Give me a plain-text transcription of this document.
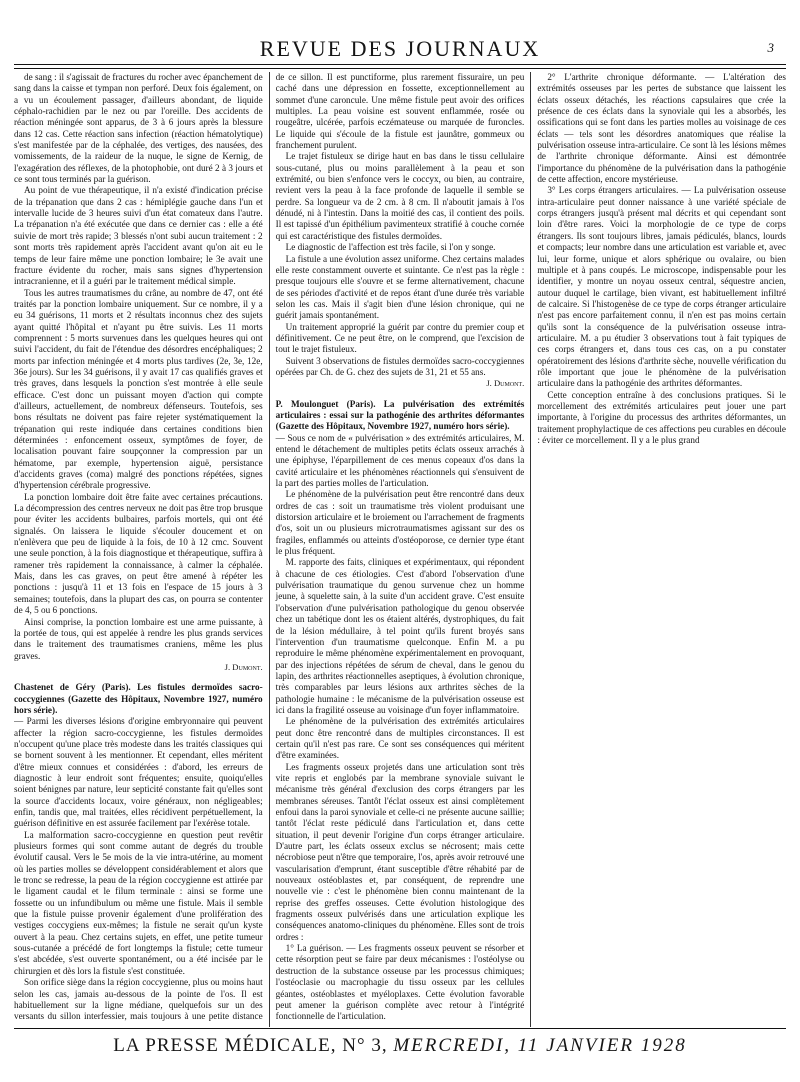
REVUE DES JOURNAUX	3

de sang : il s'agissait de fractures du rocher avec épanchement de sang dans la caisse et tympan non perforé. Deux fois également, on a vu un écoulement passager, d'ailleurs abondant, de liquide céphalo-rachidien par le nez ou par l'oreille. Des accidents de réaction méningée sont apparus, de 3 à 6 jours après la blessure dans 12 cas. Cette réaction sans infection (réaction hématolytique) s'est manifestée par de la céphalée, des vertiges, des nausées, des vomissements, de la raideur de la nuque, le signe de Kernig, de l'exagération des réflexes, de la photophobie, ont duré 2 à 3 jours et ce sont tous terminés par la guérison.

Au point de vue thérapeutique, il n'a existé d'indication précise de la trépanation que dans 2 cas : hémiplégie gauche dans l'un et intervalle lucide de 3 heures suivi d'un état comateux dans l'autre. La trépanation n'a été exécutée que dans ce dernier cas : elle a été suivie de mort très rapide; 3 blessés n'ont subi aucun traitement : 2 sont morts très rapidement après l'accident avant qu'on ait eu le temps de leur faire même une ponction lombaire; le 3e avait une fracture évidente du rocher, mais sans signes d'hypertension intracranienne, et il a guéri par le traitement médical simple.

Tous les autres traumatismes du crâne, au nombre de 47, ont été traités par la ponction lombaire uniquement. Sur ce nombre, il y a eu 34 guérisons, 11 morts et 2 résultats inconnus chez des sujets ayant quitté l'hôpital et n'ayant pu être suivis. Les 11 morts comprennent : 5 morts survenues dans les quelques heures qui ont suivi l'accident, du fait de l'étendue des désordres encéphaliques; 2 morts par infection méningée et 4 morts plus tardives (2e, 3e, 12e, 36e jours). Sur les 34 guérisons, il y avait 17 cas qualifiés graves et très graves, dans lesquels la ponction s'est montrée à elle seule efficace. C'est donc un puissant moyen d'action qui compte d'ailleurs, actuellement, de nombreux défenseurs. Toutefois, ses bons résultats ne doivent pas faire rejeter systématiquement la trépanation qui reste indiquée dans certaines conditions bien déterminées : enfoncement osseux, symptômes de foyer, de localisation pouvant faire soupçonner la compression par un hématome, par exemple, hypertension aiguë, persistance d'accidents graves (coma) malgré des ponctions répétées, signes d'hypertension cérébrale progressive.

La ponction lombaire doit être faite avec certaines précautions. La décompression des centres nerveux ne doit pas être trop brusque pour éviter les accidents bulbaires, parfois mortels, qui ont été signalés. On laissera le liquide s'écouler doucement et on n'enlèvera que peu de liquide à la fois, de 10 à 12 cmc. Souvent une seule ponction, à la fois diagnostique et thérapeutique, suffira à ramener très rapidement la connaissance, à calmer la céphalée. Mais, dans les cas graves, on peut être amené à répéter les ponctions : jusqu'à 11 et 13 fois en l'espace de 15 jours à 3 semaines; toutefois, dans la plupart des cas, on pourra se contenter de 4, 5 ou 6 ponctions.

Ainsi comprise, la ponction lombaire est une arme puissante, à la portée de tous, qui est appelée à rendre les plus grands services dans le traitement des traumatismes craniens, même les plus graves.

J. Dumont.

Chastenet de Géry (Paris). Les fistules dermoïdes sacro-coccygiennes (Gazette des Hôpitaux, Novembre 1927, numéro hors série).

— Parmi les diverses lésions d'origine embryonnaire qui peuvent affecter la région sacro-coccygienne, les fistules dermoïdes n'occupent qu'une place très modeste dans les traités classiques qui se bornent souvent à les mentionner. Et cependant, elles méritent d'être mieux connues et considérées : d'abord, les erreurs de diagnostic à leur endroit sont fréquentes; ensuite, quoiqu'elles soient bénignes par nature, leur septicité constante fait qu'elles sont la source d'accidents locaux, voire généraux, non négligeables; enfin, tandis que, mal traitées, elles récidivent perpétuellement, la guérison définitive en est assurée facilement par l'exérèse totale.

La malformation sacro-coccygienne en question peut revêtir plusieurs formes qui sont comme autant de degrés du trouble évolutif causal. Vers le 5e mois de la vie intra-utérine, au moment où les parties molles se développent considérablement et alors que le tronc se redresse, la peau de la région coccygienne est attirée par le ligament caudal et le filum terminale : ainsi se forme une fossette ou un infundibulum ou même une fistule. Mais il semble que la fistule puisse provenir également d'une prolifération des vestiges coccygiens eux-mêmes; la fistule ne serait qu'un kyste ouvert à la peau. Chez certains sujets, en effet, une petite tumeur sous-cutanée a précédé de fort longtemps la fistule; cette tumeur s'est abcédée, s'est ouverte spontanément, ou a été incisée par le chirurgien et dès lors la fistule s'est constituée.

Son orifice siège dans la région coccygienne, plus ou moins haut selon les cas, jamais au-dessous de la pointe de l'os. Il est habituellement sur la ligne médiane, quelquefois sur un des versants du sillon interfessier, mais toujours à une petite distance de ce sillon. Il est punctiforme, plus rarement fissuraire, un peu caché dans une dépression en fossette, exceptionnellement au sommet d'une caroncule. Une même fistule peut avoir des orifices multiples. La peau voisine est souvent enflammée, rosée ou rougeâtre, ulcérée, parfois eczémateuse ou marquée de furoncles. Le liquide qui s'écoule de la fistule est jaunâtre, gommeux ou franchement purulent.

Le trajet fistuleux se dirige haut en bas dans le tissu cellulaire sous-cutané, plus ou moins parallèlement à la peau et son extrémité, ou bien s'enfonce vers le coccyx, ou bien, au contraire, revient vers la peau à la face profonde de laquelle il semble se perdre. Sa longueur va de 2 cm. à 8 cm. Il n'aboutit jamais à l'os dénudé, ni à l'intestin. Dans la moitié des cas, il contient des poils. Il est tapissé d'un épithélium pavimenteux stratifié à couche cornée qui est caractéristique des fistules dermoïdes.

Le diagnostic de l'affection est très facile, si l'on y songe.

La fistule a une évolution assez uniforme. Chez certains malades elle reste constamment ouverte et suintante. Ce n'est pas la règle : presque toujours elle s'ouvre et se ferme alternativement, chacune de ses périodes d'activité et de repos étant d'une durée très variable selon les cas. Mais il s'agit bien d'une lésion chronique, qui ne guérit jamais spontanément.

Un traitement approprié la guérit par contre du premier coup et définitivement. Ce ne peut être, on le comprend, que l'excision de tout le trajet fistuleux.

Suivent 3 observations de fistules dermoïdes sacro-coccygiennes opérées par Ch. de G. chez des sujets de 31, 21 et 55 ans.

J. Dumont.

P. Moulonguet (Paris). La pulvérisation des extrémités articulaires : essai sur la pathogénie des arthrites déformantes (Gazette des Hôpitaux, Novembre 1927, numéro hors série).

— Sous ce nom de « pulvérisation » des extrémités articulaires, M. entend le détachement de multiples petits éclats osseux arrachés à une épiphyse, l'éparpillement de ces menus copeaux d'os dans la cavité articulaire et les phénomènes réactionnels qui s'ensuivent de la part des parties molles de l'articulation.

Le phénomène de la pulvérisation peut être rencontré dans deux ordres de cas : soit un traumatisme très violent produisant une distorsion articulaire et le broiement ou l'arrachement de fragments d'os, soit un ou plusieurs microtraumatismes agissant sur des os fragiles, enflammés ou atteints d'ostéoporose, ce dernier type étant le plus fréquent.

M. rapporte des faits, cliniques et expérimentaux, qui répondent à chacune de ces étiologies. C'est d'abord l'observation d'une pulvérisation traumatique du genou survenue chez un homme jeune, à squelette sain, à la suite d'un accident grave. C'est ensuite l'observation d'une pulvérisation pathologique du genou observée chez un tabétique dont les os étaient altérés, dystrophiques, du fait de la lésion médullaire, à tel point qu'ils furent broyés sans l'intervention d'un traumatisme quelconque. Enfin M. a pu reproduire le même phénomène expérimentalement en provoquant, par des injections répétées de sérum de cheval, dans le genou du lapin, des arthrites réactionnelles aseptiques, à évolution chronique, très comparables par leurs lésions aux arthrites sèches de la pathologie humaine : le mécanisme de la pulvérisation osseuse est ici dans la fragilité osseuse au voisinage d'un foyer inflammatoire.

Le phénomène de la pulvérisation des extrémités articulaires peut donc être rencontré dans de multiples circonstances. Il est certain qu'il n'est pas rare. Ce sont ses conséquences qui méritent d'être examinées.

Les fragments osseux projetés dans une articulation sont très vite repris et englobés par la membrane synoviale suivant le mécanisme très général d'exclusion des corps étrangers par les membranes séreuses. Tantôt l'éclat osseux est ainsi complètement enfoui dans la paroi synoviale et celle-ci ne présente aucune saillie; tantôt l'éclat reste pédiculé dans l'articulation et, dans cette situation, il peut devenir l'origine d'un corps étranger articulaire. D'autre part, les éclats osseux exclus se nécrosent; mais cette nécrobiose peut n'être que temporaire, l'os, après avoir retrouvé une vascularisation d'emprunt, étant susceptible d'être réhabité par de nouveaux ostéoblastes et, par conséquent, de reprendre une nouvelle vie : c'est le phénomène bien connu maintenant de la reprise des greffes osseuses. Cette évolution histologique des fragments osseux pulvérisés dans une articulation explique les conséquences anatomo-cliniques du phénomène. Elles sont de trois ordres :

1° La guérison. — Les fragments osseux peuvent se résorber et cette résorption peut se faire par deux mécanismes : l'ostéolyse ou destruction de la substance osseuse par les processus chimiques; l'ostéoclasie ou macrophagie du tissu osseux par les cellules géantes, ostéoblastes et myéloplaxes. Cette évolution favorable peut amener la guérison complète avec retour à l'intégrité fonctionnelle de l'articulation.

2° L'arthrite chronique déformante. — L'altération des extrémités osseuses par les pertes de substance que laissent les éclats osseux détachés, les réactions capsulaires que crée la présence de ces éclats dans la synoviale qui les a absorbés, les ossifications qui se font dans les parties molles au voisinage de ces éclats — tels sont les désordres anatomiques que réalise la pulvérisation osseuse intra-articulaire. Ce sont là les lésions mêmes de l'arthrite chronique déformante. Ainsi est démontrée l'importance du phénomène de la pulvérisation dans la pathogénie de cette affection, encore mystérieuse.

3° Les corps étrangers articulaires. — La pulvérisation osseuse intra-articulaire peut donner naissance à une variété spéciale de corps étrangers jusqu'à présent mal décrits et qui cependant sont loin d'être rares. Voici la morphologie de ce type de corps étrangers. Ils sont toujours libres, jamais pédiculés, blancs, lourds et compacts; leur nombre dans une articulation est variable et, avec lui, leur forme, unique et alors sphérique ou ovalaire, ou bien multiple et à pans coupés. Le microscope, indispensable pour les identifier, y montre un noyau osseux central, séquestre ancien, autour duquel le cartilage, bien vivant, est habituellement infiltré de calcaire. Si l'histogenèse de ce type de corps étranger articulaire n'est pas encore parfaitement connu, il n'en est pas moins certain qu'ils sont la conséquence de la pulvérisation osseuse intra-articulaire. M. a pu étudier 3 observations tout à fait typiques de ces corps étrangers et, dans tous ces cas, on a pu constater opératoirement des lésions d'arthrite sèche, nouvelle vérification du rôle important que joue le phénomène de la pulvérisation articulaire dans la pathogénie des arthrites déformantes.

Cette conception entraîne à des conclusions pratiques. Si le morcellement des extrémités articulaires peut jouer une part importante, à l'origine du processus des arthrites déformantes, un traitement prophylactique de ces affections peu curables en découle : éviter ce morcellement. Il y a le plus grand

LA PRESSE MÉDICALE, N° 3, MERCREDI, 11 JANVIER 1928
